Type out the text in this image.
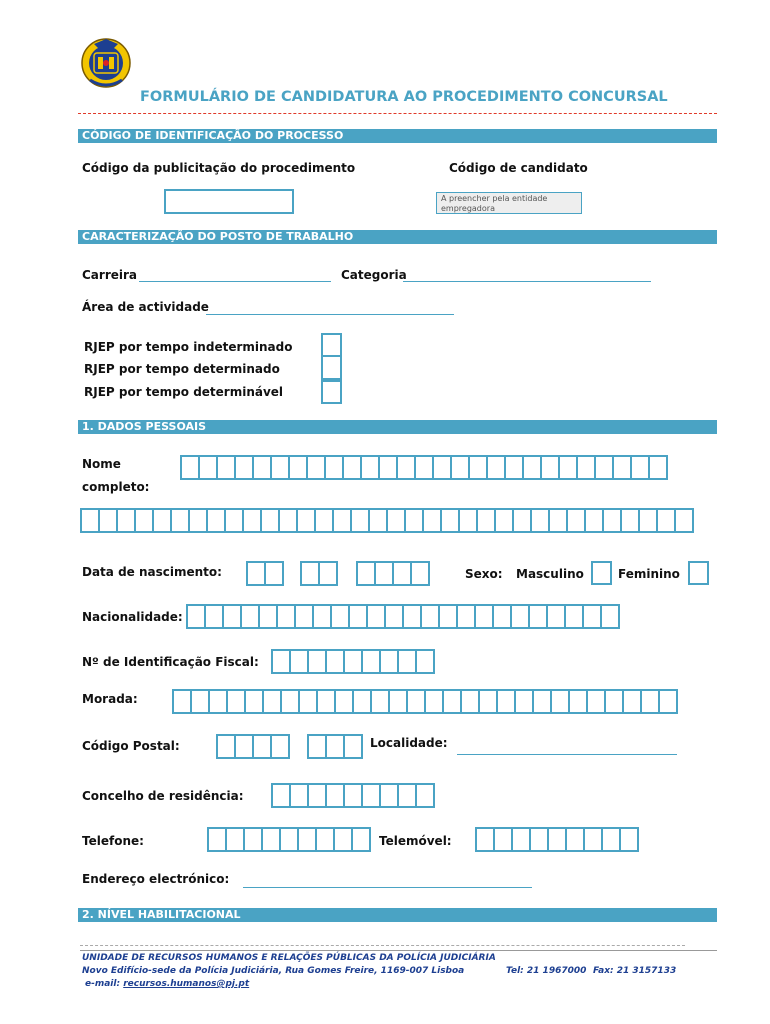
FORMULÁRIO DE CANDIDATURA AO PROCEDIMENTO CONCURSAL
CÓDIGO DE IDENTIFICAÇÃO DO PROCESSO
Código da publicitação do procedimento	Código de candidato
A preencher pela entidade empregadora
CARACTERIZAÇÃO DO POSTO DE TRABALHO
Carreira	Categoria
Área de actividade
RJEP por tempo indeterminado
RJEP por tempo determinado
RJEP por tempo determinável
1. DADOS PESSOAIS
Nome
completo:
Data de nascimento:	Sexo: Masculino	Feminino
Nacionalidade:
Nº de Identificação Fiscal:
Morada:
Código Postal:	Localidade:
Concelho de residência:
Telefone:	Telemóvel:
Endereço electrónico:
2. NÍVEL HABILITACIONAL
UNIDADE DE RECURSOS HUMANOS E RELAÇÕES PÚBLICAS DA POLÍCIA JUDICIÁRIA
Novo Edifício-sede da Polícia Judiciária, Rua Gomes Freire, 1169-007 Lisboa	Tel: 21 1967000 Fax: 21 3157133
e-mail: recursos.humanos@pj.pt
